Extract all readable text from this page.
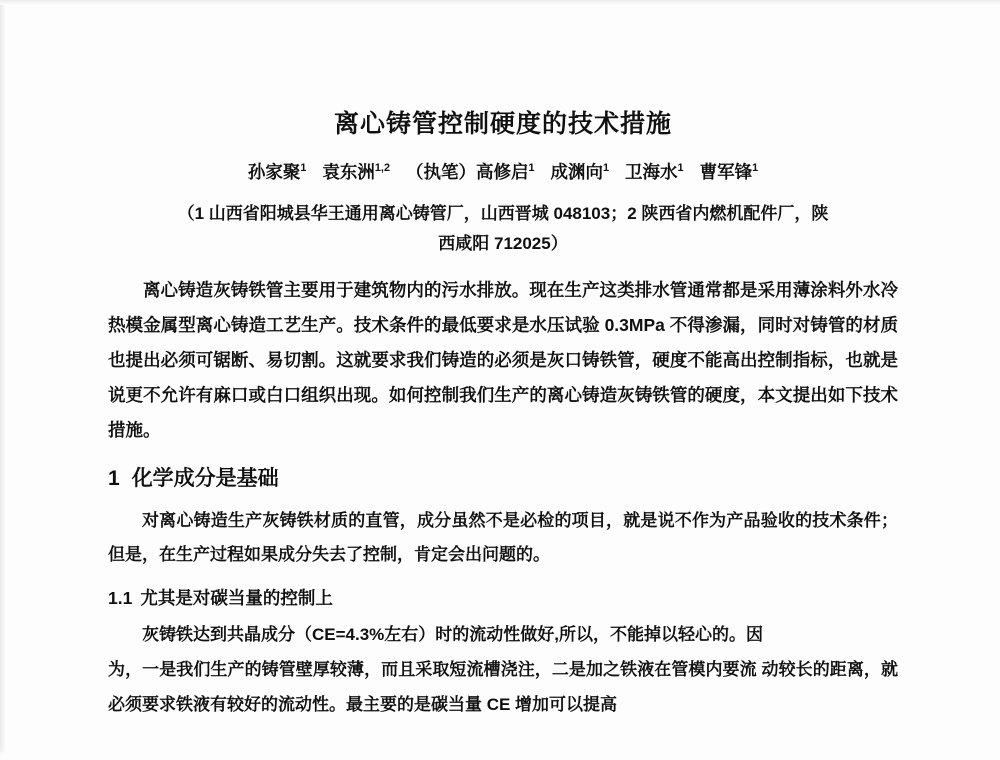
离心铸管控制硬度的技术措施
孙家聚$^1$ 袁东洲$^{1,2}$ （执笔）高修启$^1$ 成渊向$^1$ 卫海水$^1$ 曹军锋$^1$
（1 山西省阳城县华王通用离心铸管厂，山西晋城 048103；2 陕西省内燃机配件厂，陕
西咸阳 712025）
离心铸造灰铸铁管主要用于建筑物内的污水排放。现在生产这类排水管通常都是采用薄涂料外水冷热模金属型离心铸造工艺生产。技术条件的最低要求是水压试验 0.3MPa 不得渗漏，同时对铸管的材质也提出必须可锯断、易切割。这就要求我们铸造的必须是灰口铸铁管，硬度不能高出控制指标，也就是说更不允许有麻口或白口组织出现。如何控制我们生产的离心铸造灰铸铁管的硬度，本文提出如下技术措施。
1 化学成分是基础
对离心铸造生产灰铸铁材质的直管，成分虽然不是必检的项目，就是说不作为产品验收的技术条件；但是，在生产过程如果成分失去了控制，肯定会出问题的。
1.1 尤其是对碳当量的控制上
灰铸铁达到共晶成分（CE=4.3%左右）时的流动性做好,所以，不能掉以轻心的。因
为，一是我们生产的铸管壁厚较薄，而且采取短流槽浇注，二是加之铁液在管模内要流 动较长的距离，就必须要求铁液有较好的流动性。最主要的是碳当量 CE 增加可以提高
